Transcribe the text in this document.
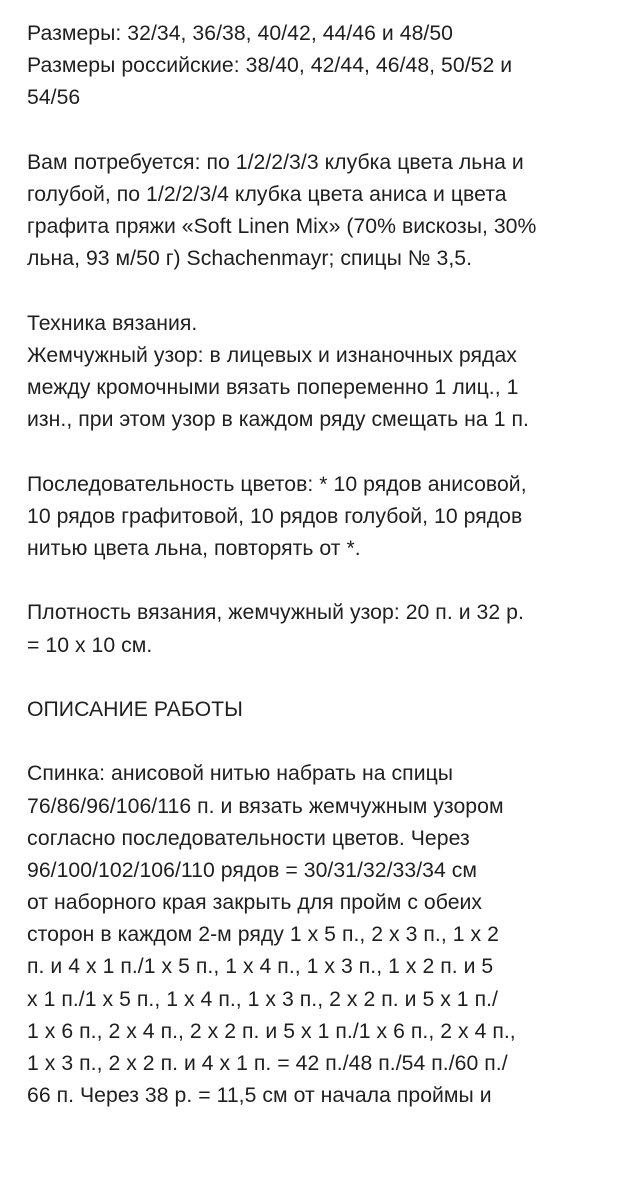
Размеры: 32/34, 36/38, 40/42, 44/46 и 48/50
Размеры российские: 38/40, 42/44, 46/48, 50/52 и
54/56
Вам потребуется: по 1/2/2/3/3 клубка цвета льна и
голубой, по 1/2/2/3/4 клубка цвета аниса и цвета
графита пряжи «Soft Linen Mix» (70% вискозы, 30%
льна, 93 м/50 г) Schachenmayr; спицы № 3,5.
Техника вязания.
Жемчужный узор: в лицевых и изнаночных рядах
между кромочными вязать попеременно 1 лиц., 1
изн., при этом узор в каждом ряду смещать на 1 п.
Последовательность цветов: * 10 рядов анисовой,
10 рядов графитовой, 10 рядов голубой, 10 рядов
нитью цвета льна, повторять от *.
Плотность вязания, жемчужный узор: 20 п. и 32 р.
= 10 x 10 см.
ОПИСАНИЕ РАБОТЫ
Спинка: анисовой нитью набрать на спицы
76/86/96/106/116 п. и вязать жемчужным узором
согласно последовательности цветов. Через
96/100/102/106/110 рядов = 30/31/32/33/34 см
от наборного края закрыть для пройм с обеих
сторон в каждом 2-м ряду 1 x 5 п., 2 x 3 п., 1 x 2
п. и 4 x 1 п./1 x 5 п., 1 x 4 п., 1 x 3 п., 1 x 2 п. и 5
x 1 п./1 x 5 п., 1 x 4 п., 1 x 3 п., 2 x 2 п. и 5 x 1 п./
1 x 6 п., 2 x 4 п., 2 x 2 п. и 5 x 1 п./1 x 6 п., 2 x 4 п.,
1 x 3 п., 2 x 2 п. и 4 x 1 п. = 42 п./48 п./54 п./60 п./
66 п. Через 38 р. = 11,5 см от начала проймы и
